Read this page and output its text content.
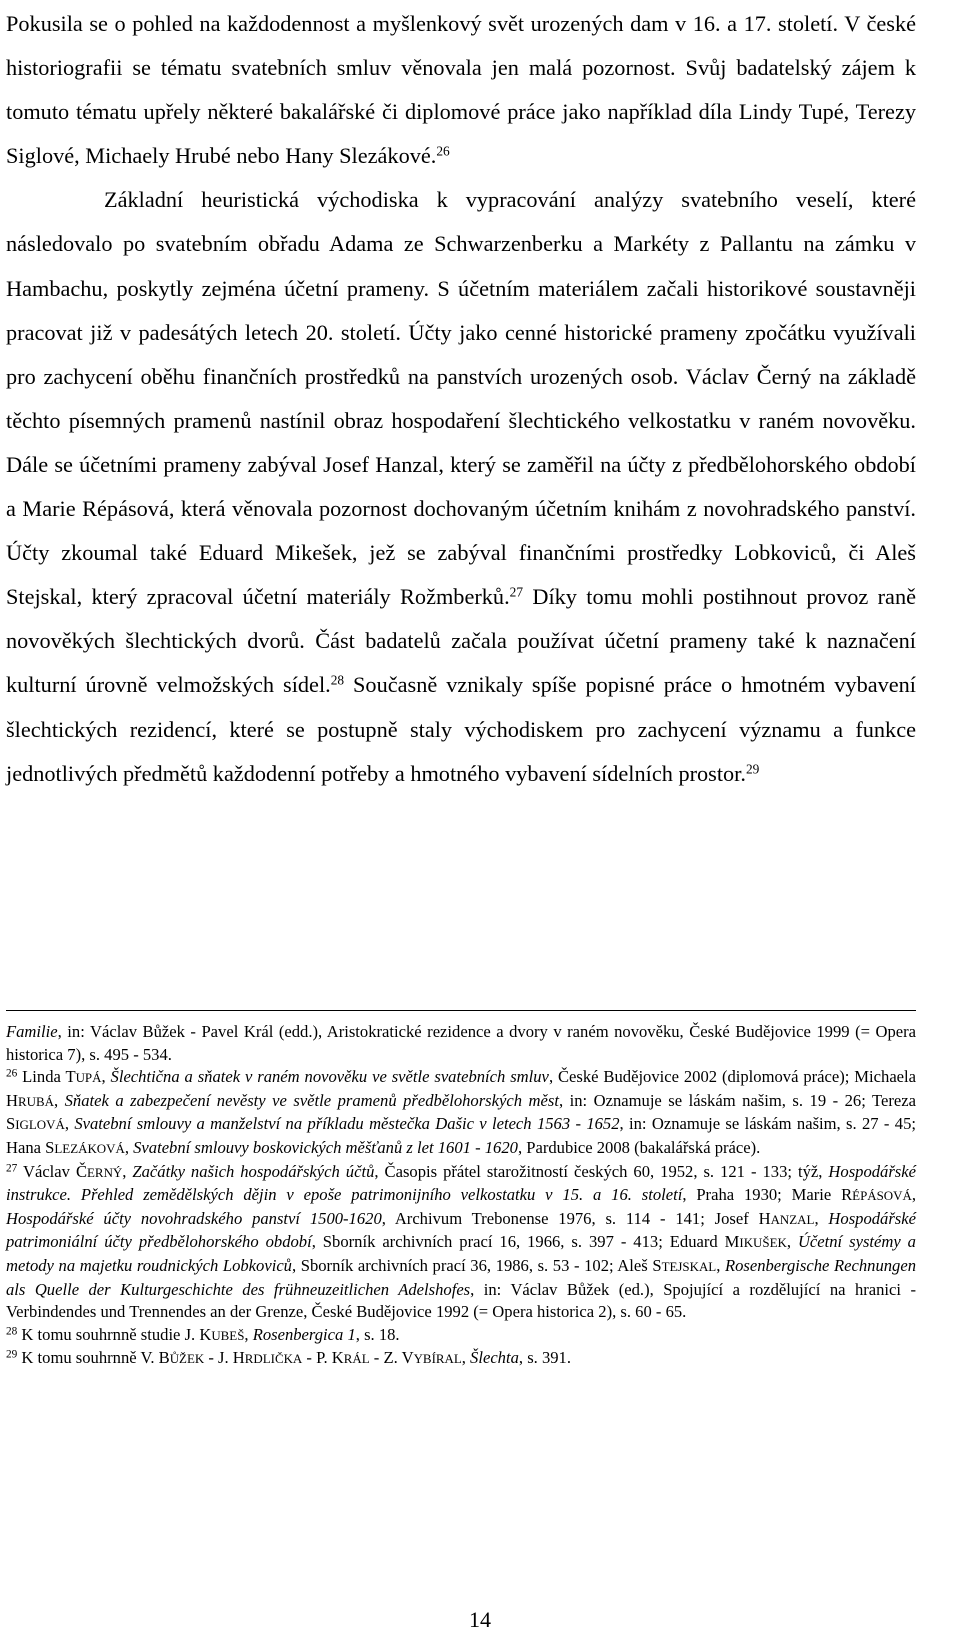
Pokusila se o pohled na každodennost a myšlenkový svět urozených dam v 16. a 17. století. V české historiografii se tématu svatebních smluv věnovala jen malá pozornost. Svůj badatelský zájem k tomuto tématu upřely některé bakalářské či diplomové práce jako například díla Lindy Tupé, Terezy Siglové, Michaely Hrubé nebo Hany Slezákové.$^{26}$

Základní heuristická východiska k vypracování analýzy svatebního veselí, které následovalo po svatebním obřadu Adama ze Schwarzenberku a Markéty z Pallantu na zámku v Hambachu, poskytly zejména účetní prameny. S účetním materiálem začali historikové soustavněji pracovat již v padesátých letech 20. století. Účty jako cenné historické prameny zpočátku využívali pro zachycení oběhu finančních prostředků na panstvích urozených osob. Václav Černý na základě těchto písemných pramenů nastínil obraz hospodaření šlechtického velkostatku v raném novověku. Dále se účetními prameny zabýval Josef Hanzal, který se zaměřil na účty z předbělohorského období a Marie Répásová, která věnovala pozornost dochovaným účetním knihám z novohradského panství. Účty zkoumal také Eduard Mikešek, jež se zabýval finančními prostředky Lobkoviců, či Aleš Stejskal, který zpracoval účetní materiály Rožmberků.$^{27}$ Díky tomu mohli postihnout provoz raně novověkých šlechtických dvorů. Část badatelů začala používat účetní prameny také k naznačení kulturní úrovně velmožských sídel.$^{28}$ Současně vznikaly spíše popisné práce o hmotném vybavení šlechtických rezidencí, které se postupně staly východiskem pro zachycení významu a funkce jednotlivých předmětů každodenní potřeby a hmotného vybavení sídelních prostor.$^{29}$

Familie, in: Václav Bůžek - Pavel Král (edd.), Aristokratické rezidence a dvory v raném novověku, České Budějovice 1999 (= Opera historica 7), s. 495 - 534.

$^{26}$ Linda TUPÁ, Šlechtična a sňatek v raném novověku ve světle svatebních smluv, České Budějovice 2002 (diplomová práce); Michaela HRUBÁ, Sňatek a zabezpečení nevěsty ve světle pramenů předbělohorských měst, in: Oznamuje se láskám našim, s. 19 - 26; Tereza SIGLOVÁ, Svatební smlouvy a manželství na příkladu městečka Dašic v letech 1563 - 1652, in: Oznamuje se láskám našim, s. 27 - 45; Hana SLEZÁKOVÁ, Svatební smlouvy boskovických měšťanů z let 1601 - 1620, Pardubice 2008 (bakalářská práce).

$^{27}$ Václav ČERNÝ, Začátky našich hospodářských účtů, Časopis přátel starožitností českých 60, 1952, s. 121 - 133; týž, Hospodářské instrukce. Přehled zemědělských dějin v epoše patrimonijního velkostatku v 15. a 16. století, Praha 1930; Marie RÉPÁSOVÁ, Hospodářské účty novohradského panství 1500-1620, Archivum Trebonense 1976, s. 114 - 141; Josef HANZAL, Hospodářské patrimoniální účty předbělohorského období, Sborník archivních prací 16, 1966, s. 397 - 413; Eduard MIKUŠEK, Účetní systémy a metody na majetku roudnických Lobkoviců, Sborník archivních prací 36, 1986, s. 53 - 102; Aleš STEJSKAL, Rosenbergische Rechnungen als Quelle der Kulturgeschichte des frühneuzeitlichen Adelshofes, in: Václav Bůžek (ed.), Spojující a rozdělující na hranici - Verbindendes und Trennendes an der Grenze, České Budějovice 1992 (= Opera historica 2), s. 60 - 65.

$^{28}$ K tomu souhrnně studie J. KUBEŠ, Rosenbergica 1, s. 18.

$^{29}$ K tomu souhrnně V. BŮŽEK - J. HRDLIČKA - P. KRÁL - Z. VYBÍRAL, Šlechta, s. 391.

14
